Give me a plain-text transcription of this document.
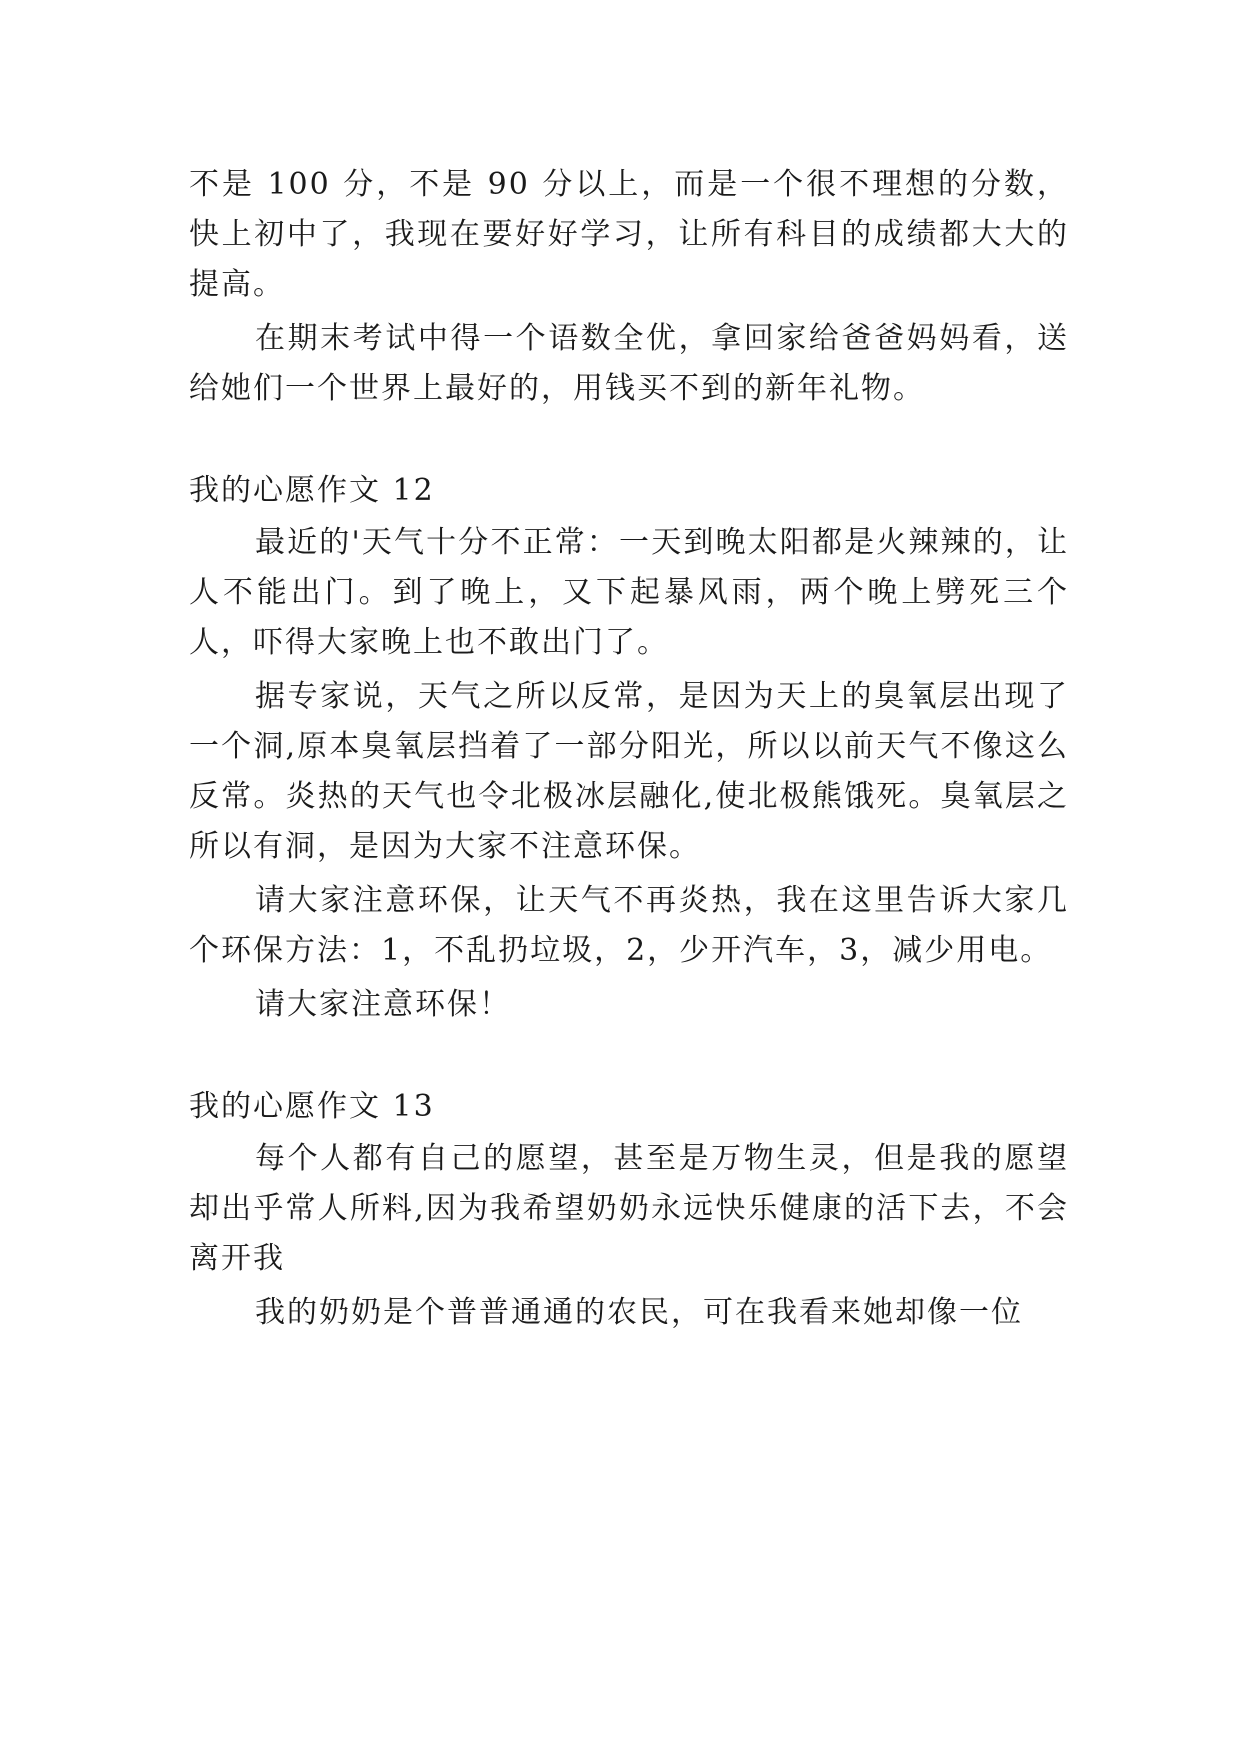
不是 100 分，不是 90 分以上，而是一个很不理想的分数，快上初中了，我现在要好好学习，让所有科目的成绩都大大的提高。

在期末考试中得一个语数全优，拿回家给爸爸妈妈看，送给她们一个世界上最好的，用钱买不到的新年礼物。

我的心愿作文 12

最近的'天气十分不正常：一天到晚太阳都是火辣辣的，让人不能出门。到了晚上，又下起暴风雨，两个晚上劈死三个人，吓得大家晚上也不敢出门了。

据专家说，天气之所以反常，是因为天上的臭氧层出现了一个洞,原本臭氧层挡着了一部分阳光，所以以前天气不像这么反常。炎热的天气也令北极冰层融化,使北极熊饿死。臭氧层之所以有洞，是因为大家不注意环保。

请大家注意环保，让天气不再炎热，我在这里告诉大家几个环保方法：1，不乱扔垃圾，2，少开汽车，3，减少用电。

请大家注意环保！

我的心愿作文 13

每个人都有自己的愿望，甚至是万物生灵，但是我的愿望却出乎常人所料,因为我希望奶奶永远快乐健康的活下去，不会离开我

我的奶奶是个普普通通的农民，可在我看来她却像一位
